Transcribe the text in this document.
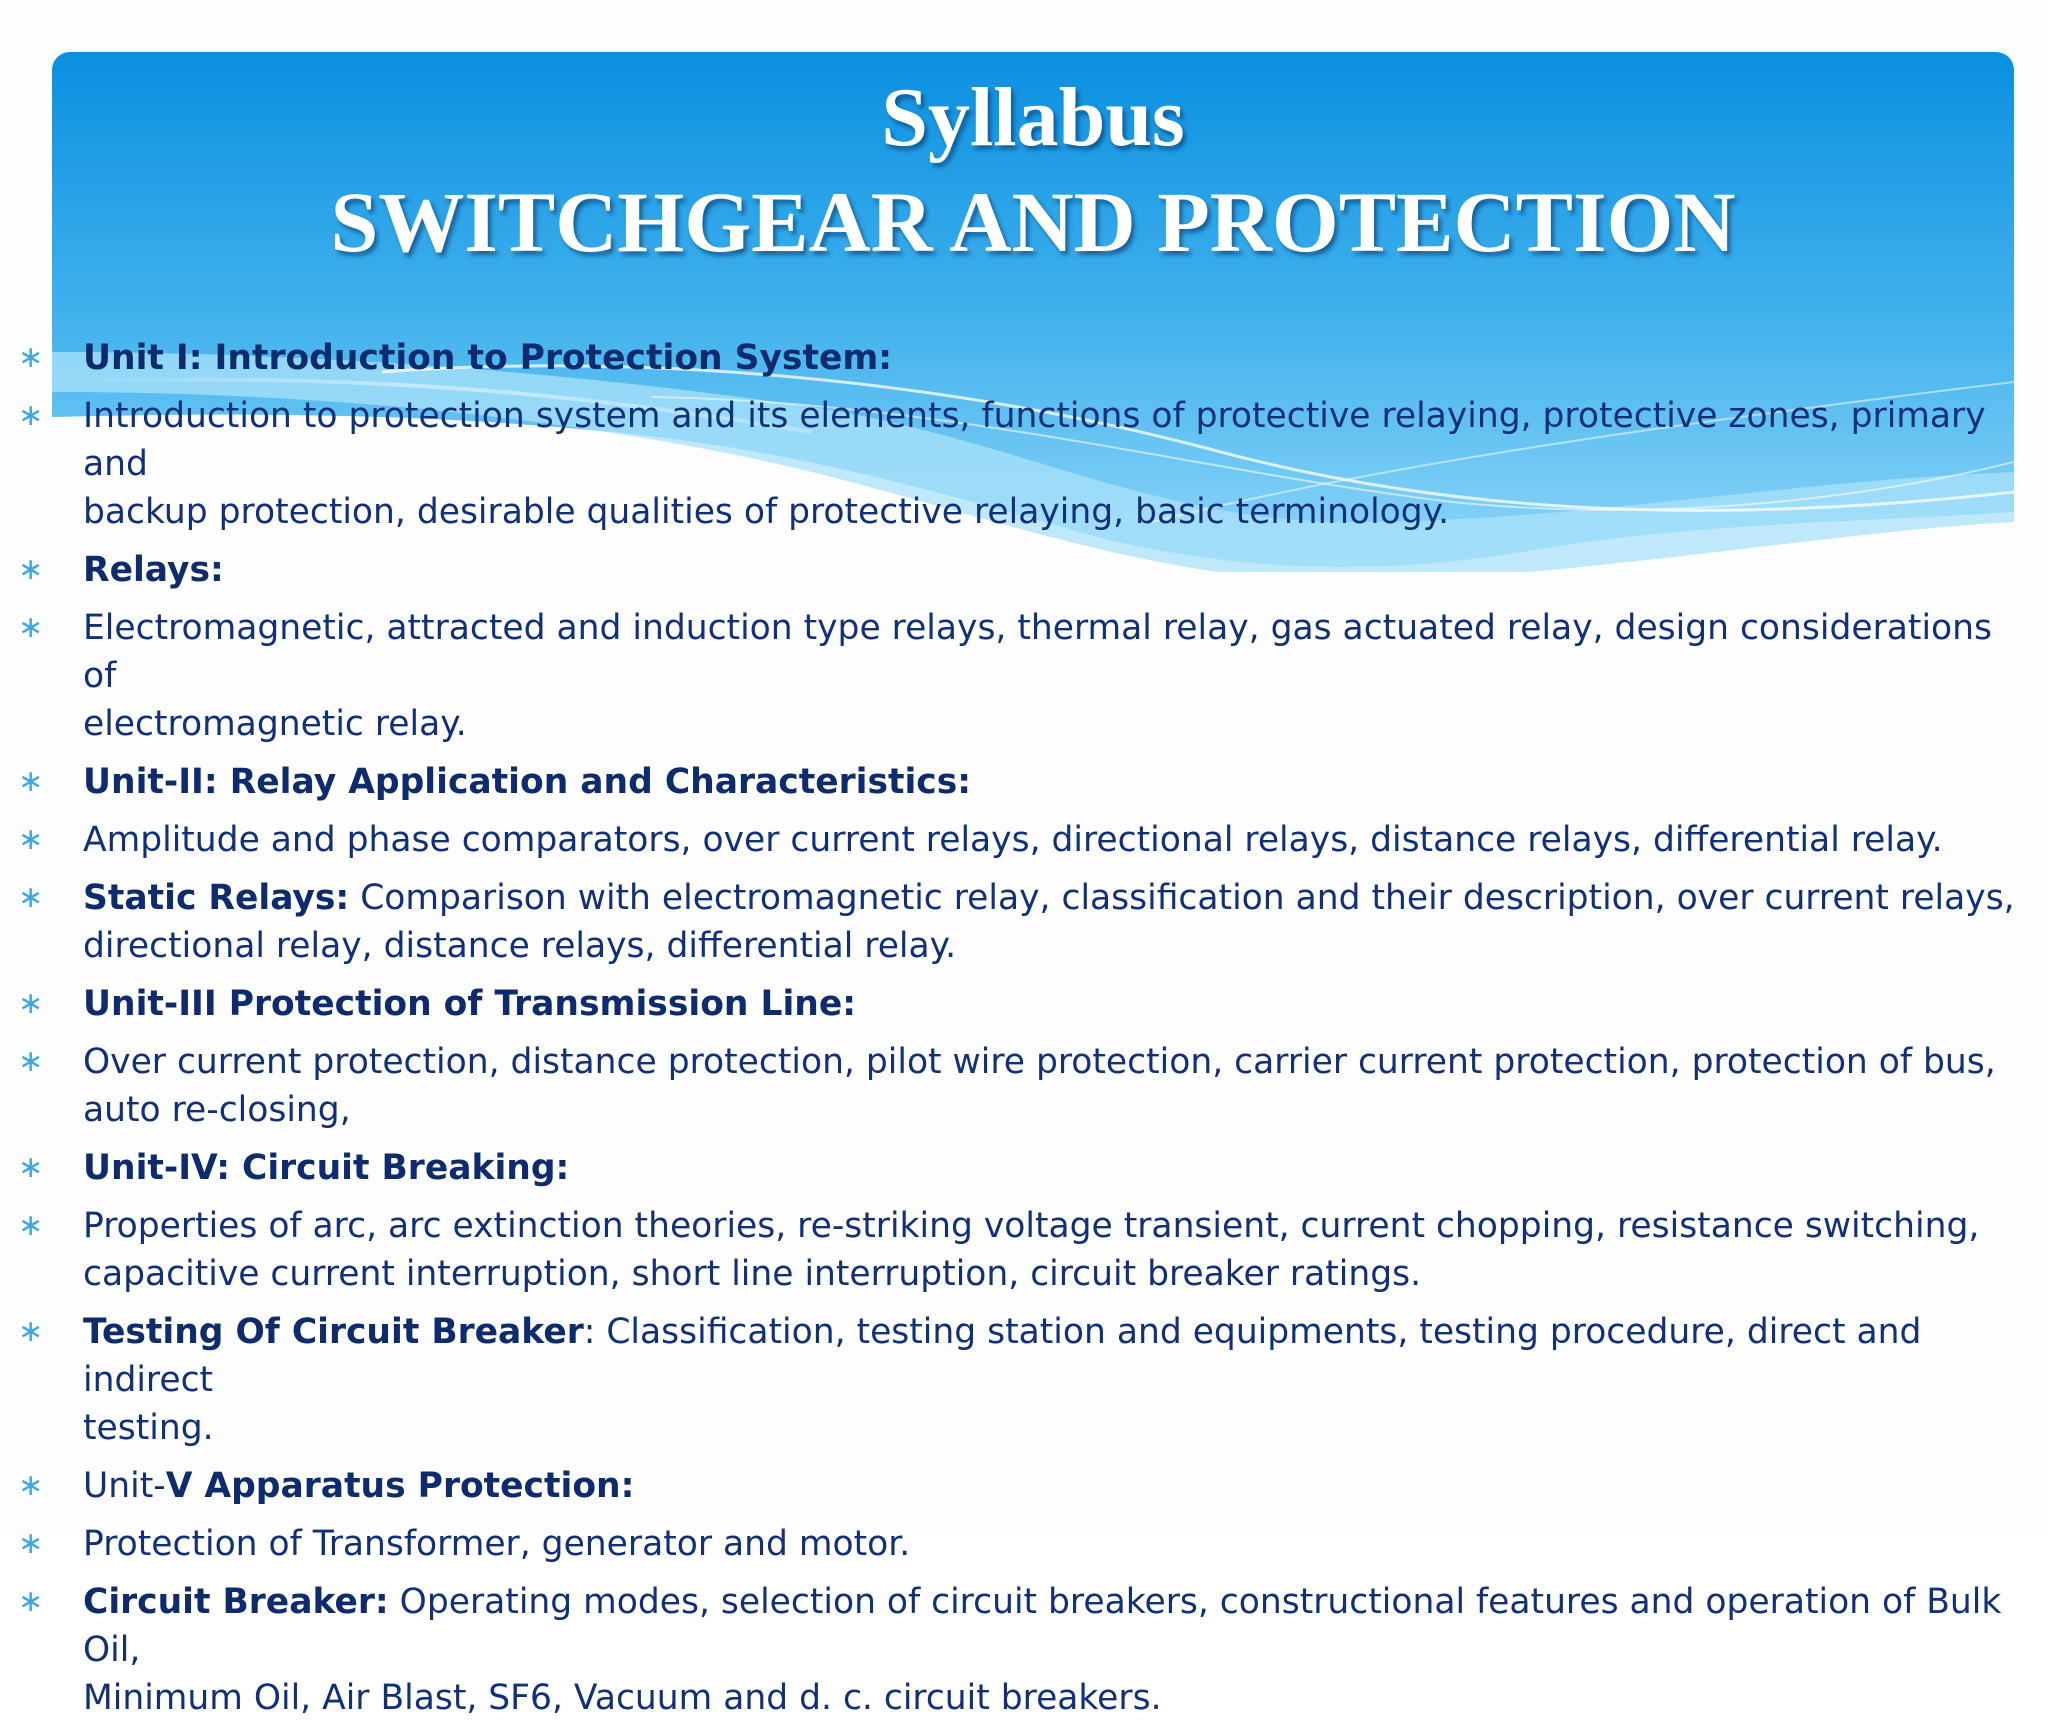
Syllabus
SWITCHGEAR AND PROTECTION
∗ Unit I: Introduction to Protection System:
∗ Introduction to protection system and its elements, functions of protective relaying, protective zones, primary and
backup protection, desirable qualities of protective relaying, basic terminology.
∗ Relays:
∗ Electromagnetic, attracted and induction type relays, thermal relay, gas actuated relay, design considerations of
electromagnetic relay.
∗ Unit-II: Relay Application and Characteristics:
∗ Amplitude and phase comparators, over current relays, directional relays, distance relays, differential relay.
∗ Static Relays: Comparison with electromagnetic relay, classification and their description, over current relays,
directional relay, distance relays, differential relay.
∗ Unit-III Protection of Transmission Line:
∗ Over current protection, distance protection, pilot wire protection, carrier current protection, protection of bus,
auto re-closing,
∗ Unit-IV: Circuit Breaking:
∗ Properties of arc, arc extinction theories, re-striking voltage transient, current chopping, resistance switching,
capacitive current interruption, short line interruption, circuit breaker ratings.
∗ Testing Of Circuit Breaker: Classification, testing station and equipments, testing procedure, direct and indirect
testing.
∗ Unit-V Apparatus Protection:
∗ Protection of Transformer, generator and motor.
∗ Circuit Breaker: Operating modes, selection of circuit breakers, constructional features and operation of Bulk Oil,
Minimum Oil, Air Blast, SF6, Vacuum and d. c. circuit breakers.
